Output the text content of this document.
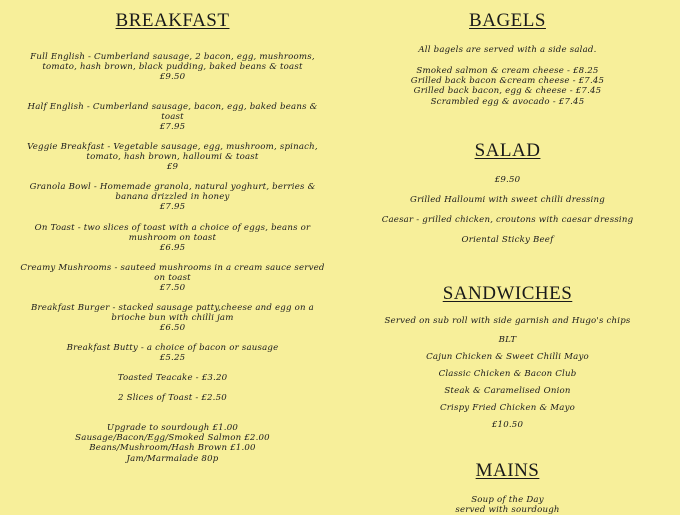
BREAKFAST

Full English - Cumberland sausage, 2 bacon, egg, mushrooms, tomato, hash brown, black pudding, baked beans & toast

£9.50

Half English - Cumberland sausage, bacon, egg, baked beans & toast

£7.95

Veggie Breakfast - Vegetable sausage, egg, mushroom, spinach, tomato, hash brown, halloumi & toast

£9

Granola Bowl - Homemade granola, natural yoghurt, berries & banana drizzled in honey

£7.95

On Toast - two slices of toast with a choice of eggs, beans or mushroom on toast

£6.95

Creamy Mushrooms - sauteed mushrooms in a cream sauce served on toast

£7.50

Breakfast Burger - stacked sausage patty,cheese and egg on a brioche bun with chilli jam

£6.50

Breakfast Butty - a choice of bacon or sausage

£5.25

Toasted Teacake - £3.20

2 Slices of Toast - £2.50

Upgrade to sourdough £1.00

Sausage/Bacon/Egg/Smoked Salmon £2.00

Beans/Mushroom/Hash Brown £1.00

Jam/Marmalade 80p

BAGELS

All bagels are served with a side salad.

Smoked salmon & cream cheese - £8.25

Grilled back bacon &cream cheese - £7.45

Grilled back bacon, egg & cheese - £7.45

Scrambled egg & avocado - £7.45

SALAD

£9.50

Grilled Halloumi with sweet chilli dressing

Caesar - grilled chicken, croutons with caesar dressing

Oriental Sticky Beef

SANDWICHES

Served on sub roll with side garnish and Hugo's chips

BLT

Cajun Chicken & Sweet Chilli Mayo

Classic Chicken & Bacon Club

Steak & Caramelised Onion

Crispy Fried Chicken & Mayo

£10.50

MAINS

Soup of the Day

served with sourdough
